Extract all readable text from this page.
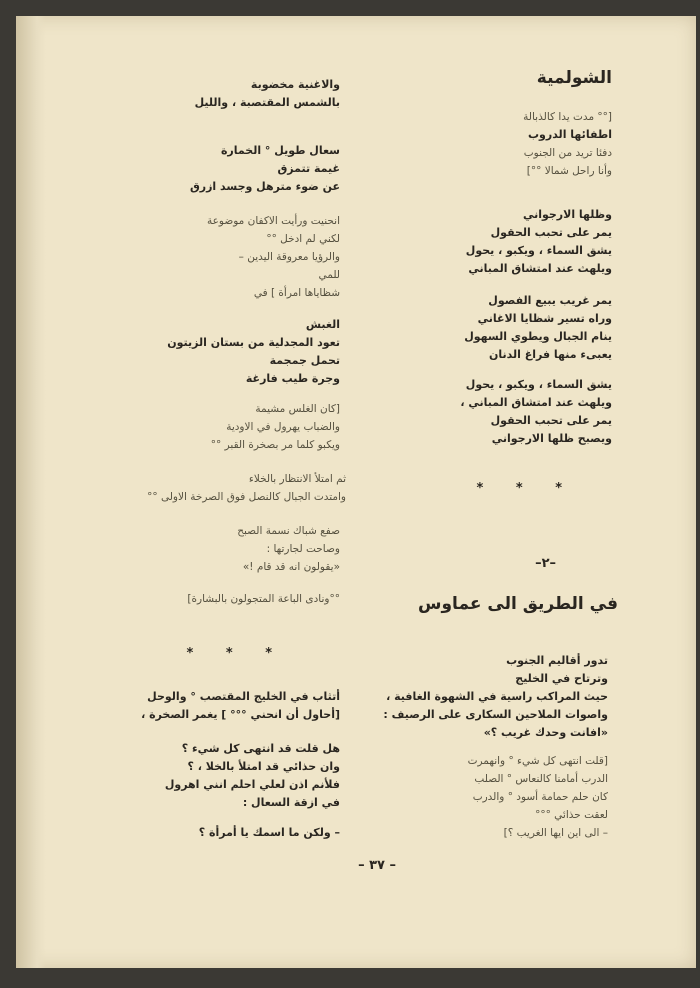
الشولمية
[°° مدت يدا كالذبالة
اطفائها الدروب
دفئا تريد من الجنوب
وأنا راحل شمالا °°]
وظلها الارجواني
يمر على تحبب الحقول
يشق السماء ، ويكبو ، يحول
ويلهث عند امتشاق المباني
يمر غريب يبيع الفصول
وراه تسير شظايا الاغاني
ينام الجبال ويطوي السهول
يعبىء منها فراغ الدنان
يشق السماء ، ويكبو ، يحول
ويلهث عند امتشاق المباني ،
يمر على تحبب الحقول
ويصبح ظلها الارجواني
* * *
–٢–
في الطريق الى عماوس
تدور أقاليم الجنوب
وترتاح في الخليج
حيث المراكب راسية في الشهوة الغافية ،
واصوات الملاحين السكارى على الرصيف :
«افانت وحدك غريب ؟»
[قلت انتهى كل شيء ° وانهمرت
الدرب أمامنا كالنعاس ° الصلب
كان حلم حمامة أسود ° والدرب
لعقت حذائي °°°
– الى اين ايها الغريب ؟]
والاغنية مخضوبة
بالشمس المقتصبة ، والليل
سعال طويل ° الخمارة
غيمة تتمزق
عن ضوء مترهل وجسد ازرق
انحنيت ورأيت الاكفان موضوعة
لكني لم ادخل °°
والرؤيا معروقة اليدين –
للمي
شظاياها امرأة ] في
الغبش
تعود المجدلية من بستان الزيتون
تحمل جمجمة
وجرة طيب فارغة
[كان الغلس مشيمة
والضباب يهرول في الاودية
ويكبو كلما مر بصخرة القبر °°
ثم امتلأ الانتظار بالخلاء
وامتدت الجبال كالنصل فوق الصرخة الاولى °°
صفع شباك نسمة الصبح
وصاحت لجارتها :
«يقولون انه قد قام !»
°°ونادى الباعة المتجولون بالبشارة]
* * *
أتثاب في الخليج المقتصب ° والوحل
[أحاول أن انحني °°° ] يغمر الصخرة ،
هل قلت قد انتهى كل شيء ؟
وان حذائي قد امتلأ بالخلا ، ؟
فلأنم اذن لعلي احلم انني اهرول
في ازقة السعال :
– ولكن ما اسمك يا أمرأة ؟
– ٣٧ –
